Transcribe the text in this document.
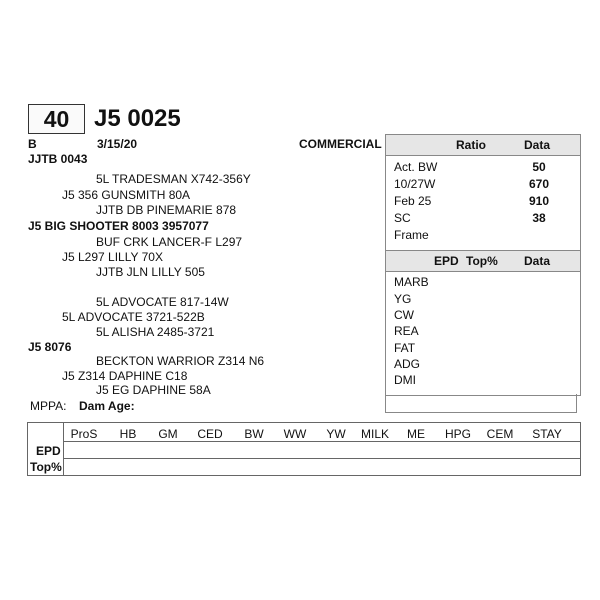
40	J5 0025
B	3/15/20	COMMERCIAL
JJTB 0043
5L TRADESMAN X742-356Y
J5 356 GUNSMITH 80A
JJTB DB PINEMARIE 878
J5 BIG SHOOTER 8003 3957077
BUF CRK LANCER-F L297
J5 L297 LILLY 70X
JJTB JLN LILLY 505
5L ADVOCATE 817-14W
5L ADVOCATE 3721-522B
5L ALISHA 2485-3721
J5 8076
BECKTON WARRIOR Z314 N6
J5 Z314 DAPHINE C18
J5 EG DAPHINE 58A
MPPA: Dam Age:
Ratio	Data
Act. BW	50
10/27W	670
Feb 25	910
SC	38
Frame
EPD Top% Data
MARB
YG
CW
REA
FAT
ADG
DMI
ProS	HB	GM	CED	BW	WW	YW	MILK	ME	HPG	CEM	STAY
EPD
Top%
